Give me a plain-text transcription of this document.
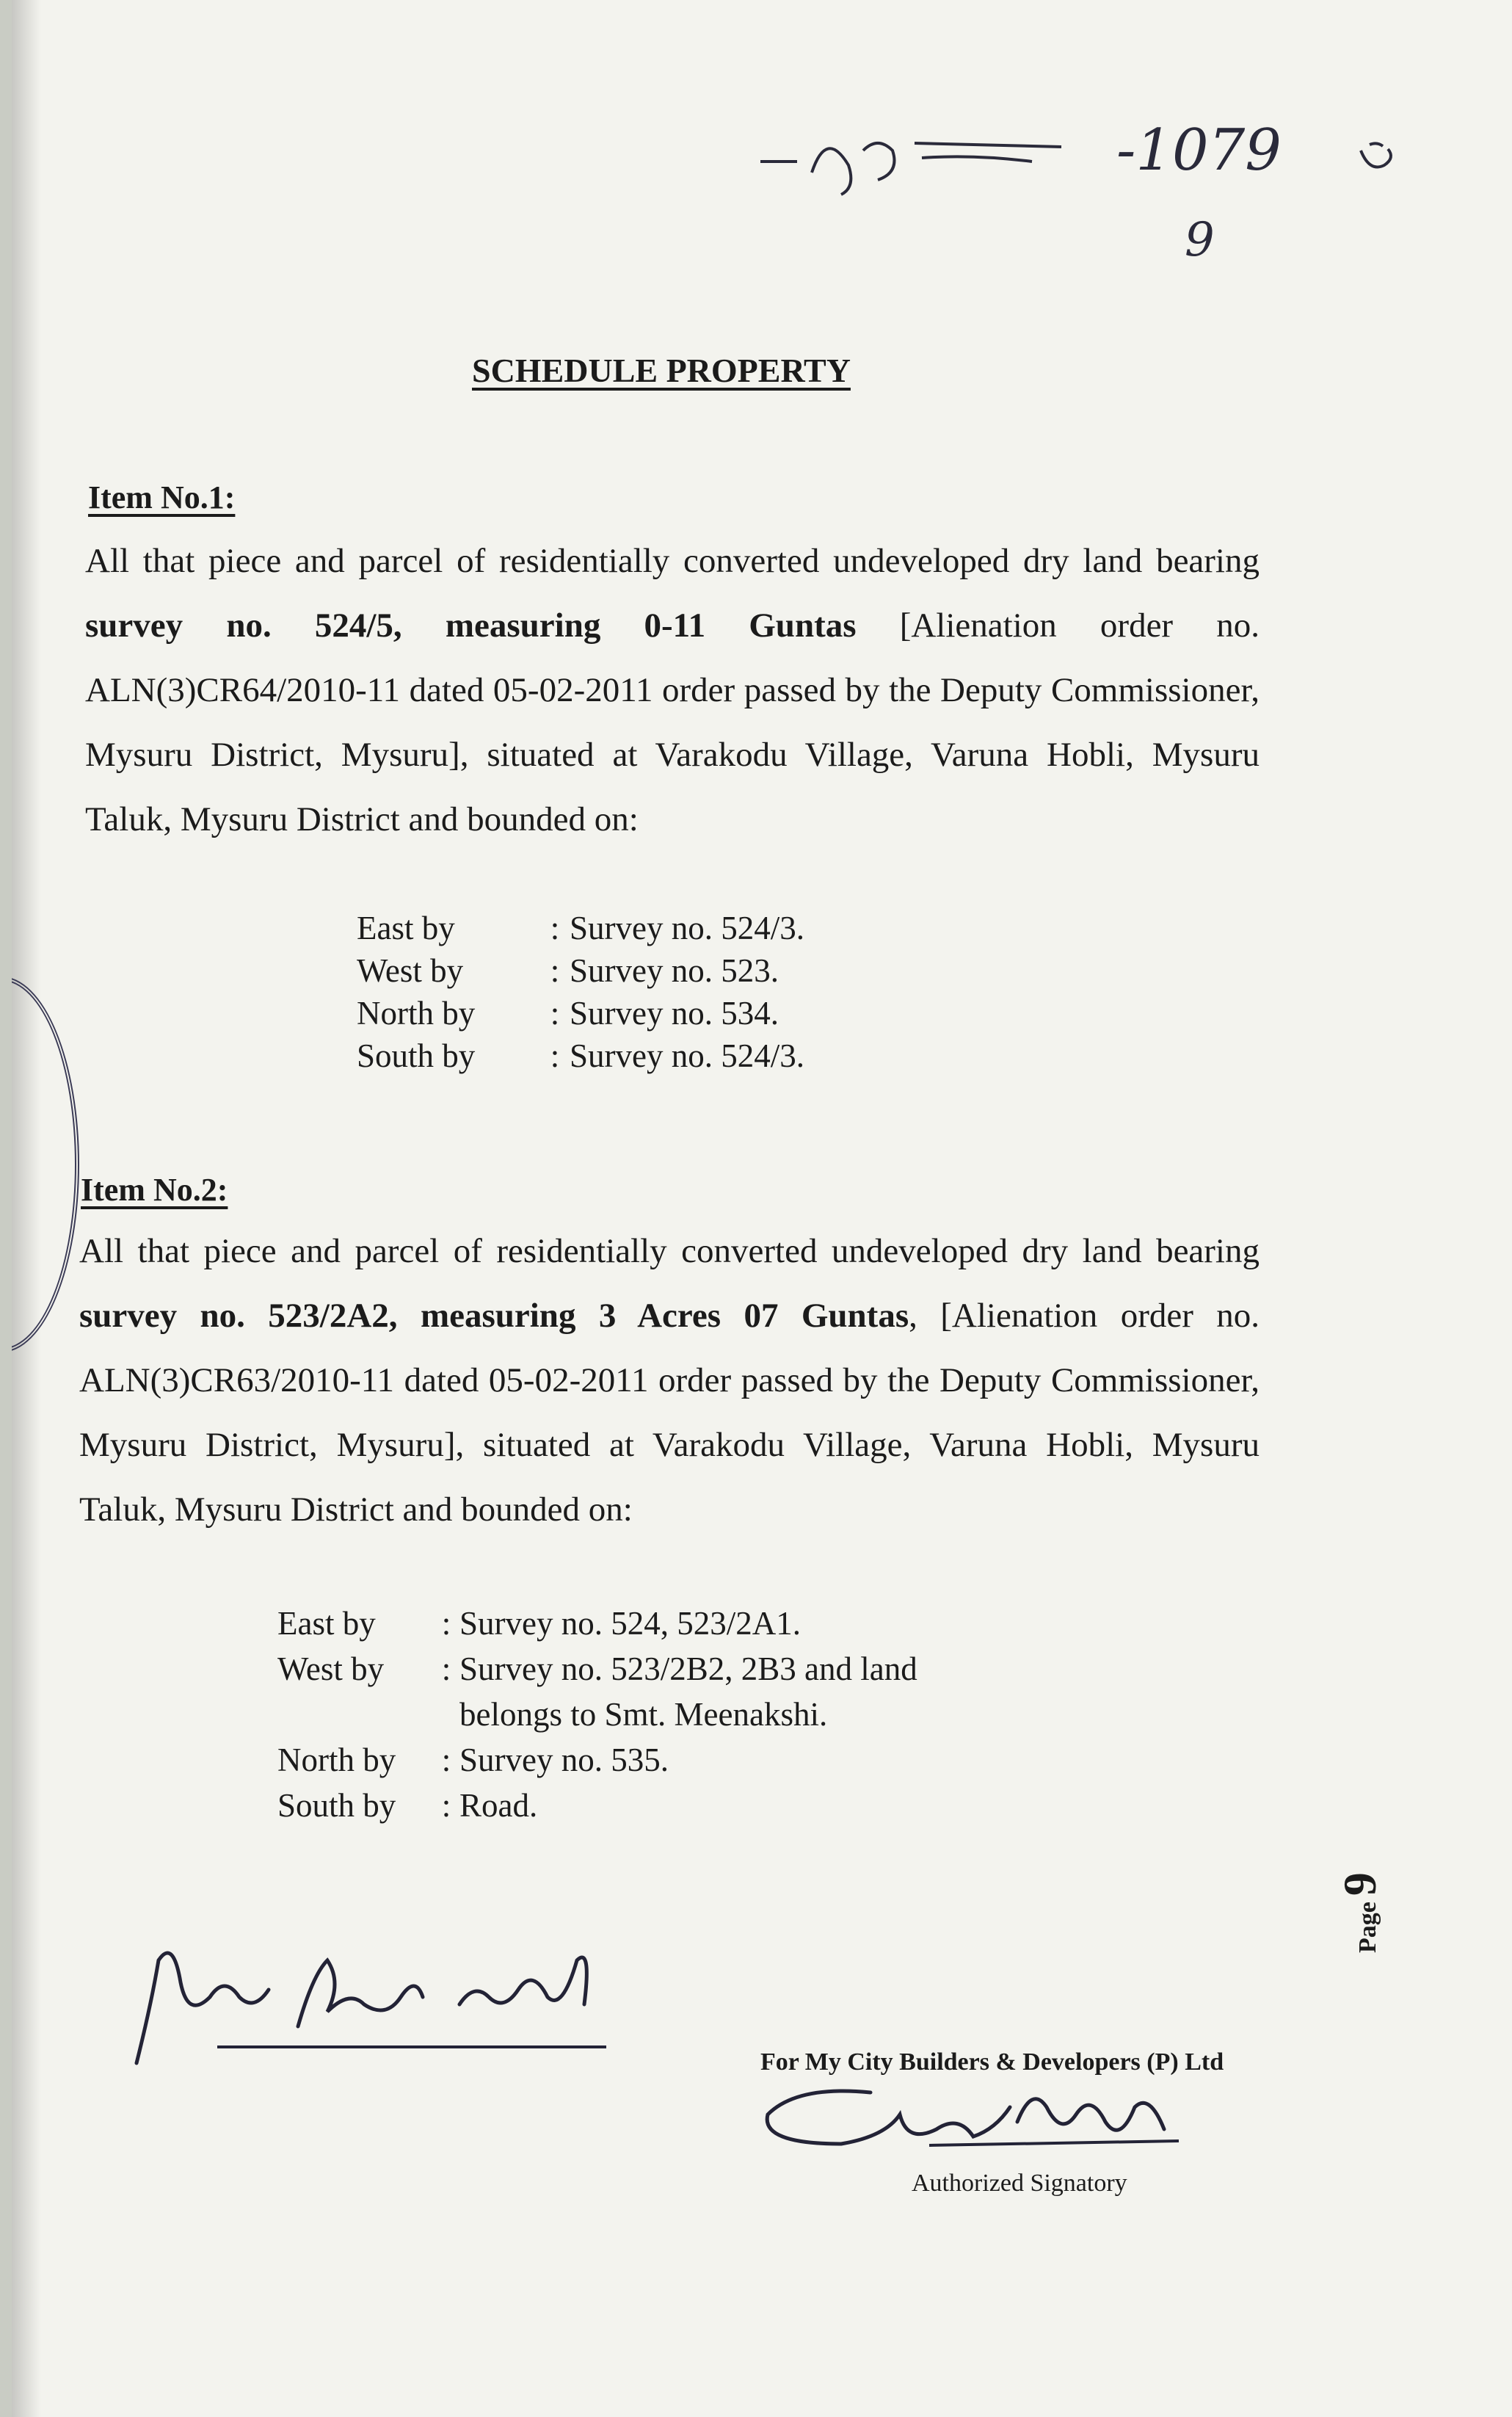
-1079
9
SCHEDULE PROPERTY
Item No.1:
All that piece and parcel of residentially converted undeveloped dry land bearing survey no. 524/5, measuring 0-11 Guntas [Alienation order no. ALN(3)CR64/2010-11 dated 05-02-2011 order passed by the Deputy Commissioner, Mysuru District, Mysuru], situated at Varakodu Village, Varuna Hobli, Mysuru Taluk, Mysuru District and bounded on:
East by	: Survey no. 524/3.
West by	: Survey no. 523.
North by	: Survey no. 534.
South by	: Survey no. 524/3.
Item No.2:
All that piece and parcel of residentially converted undeveloped dry land bearing survey no. 523/2A2, measuring 3 Acres 07 Guntas, [Alienation order no. ALN(3)CR63/2010-11 dated 05-02-2011 order passed by the Deputy Commissioner, Mysuru District, Mysuru], situated at Varakodu Village, Varuna Hobli, Mysuru Taluk, Mysuru District and bounded on:
East by	: Survey no. 524, 523/2A1.
West by	: Survey no. 523/2B2, 2B3 and land belongs to Smt. Meenakshi.
North by	: Survey no. 535.
South by	: Road.
For My City Builders & Developers (P) Ltd
Authorized Signatory
Page9
